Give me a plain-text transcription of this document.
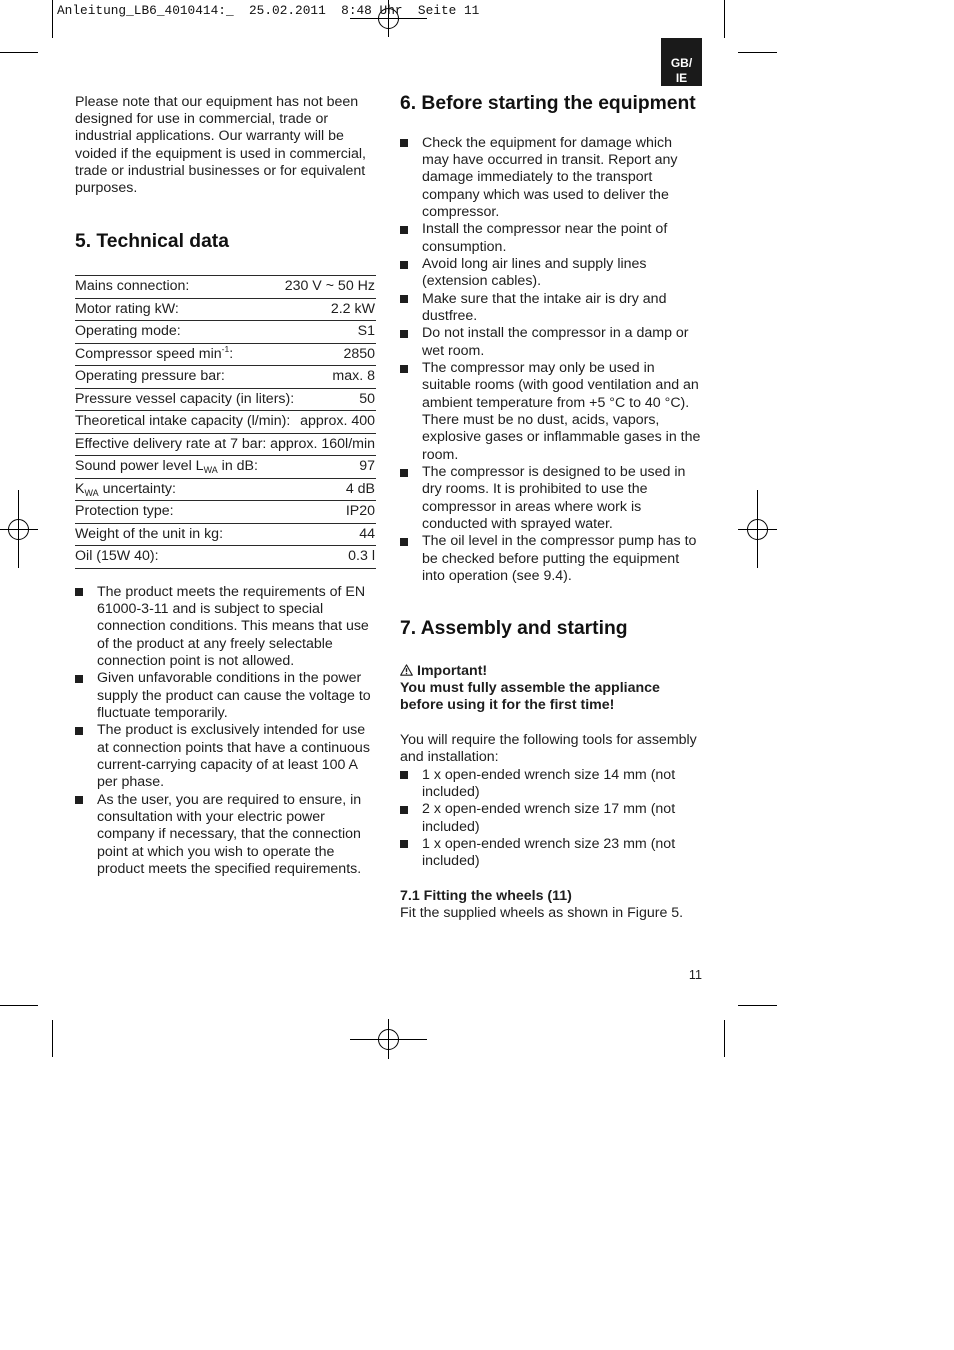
Anleitung_LB6_4010414:_  25.02.2011  8:48 Uhr  Seite 11
GB/
IE
Please note that our equipment has not been
designed for use in commercial, trade or
industrial applications. Our warranty will be
voided if the equipment is used in commercial,
trade or industrial businesses or for equivalent
purposes.
5. Technical data
Mains connection:	230 V ~ 50 Hz
Motor rating kW:	2.2 kW
Operating mode:	S1
Compressor speed $\min^{-1}$:	2850
Operating pressure bar:	max. 8
Pressure vessel capacity (in liters):	50
Theoretical intake capacity (l/min): approx. 400
Effective delivery rate at 7 bar: approx. 160l/min
Sound power level $L_{WA}$ in dB:	97
$K_{WA}$ uncertainty:	4 dB
Protection type:	IP20
Weight of the unit in kg:	44
Oil (15W 40):	0.3 l
The product meets the requirements of EN
61000-3-11 and is subject to special
connection conditions. This means that use
of the product at any freely selectable
connection point is not allowed.
Given unfavorable conditions in the power
supply the product can cause the voltage to
fluctuate temporarily.
The product is exclusively intended for use
at connection points that have a continuous
current-carrying capacity of at least 100 A
per phase.
As the user, you are required to ensure, in
consultation with your electric power
company if necessary, that the connection
point at which you wish to operate the
product meets the specified requirements.
6. Before starting the equipment
Check the equipment for damage which
may have occurred in transit. Report any
damage immediately to the transport
company which was used to deliver the
compressor.
Install the compressor near the point of
consumption.
Avoid long air lines and supply lines
(extension cables).
Make sure that the intake air is dry and
dustfree.
Do not install the compressor in a damp or
wet room.
The compressor may only be used in
suitable rooms (with good ventilation and an
ambient temperature from +5 °C to 40 °C).
There must be no dust, acids, vapors,
explosive gases or inflammable gases in the
room.
The compressor is designed to be used in
dry rooms. It is prohibited to use the
compressor in areas where work is
conducted with sprayed water.
The oil level in the compressor pump has to
be checked before putting the equipment
into operation (see 9.4).
7. Assembly and starting
Important!
You must fully assemble the appliance
before using it for the first time!
You will require the following tools for assembly
and installation:
1 x open-ended wrench size 14 mm (not
included)
2 x open-ended wrench size 17 mm (not
included)
1 x open-ended wrench size 23 mm (not
included)
7.1 Fitting the wheels (11)
Fit the supplied wheels as shown in Figure 5.
11
